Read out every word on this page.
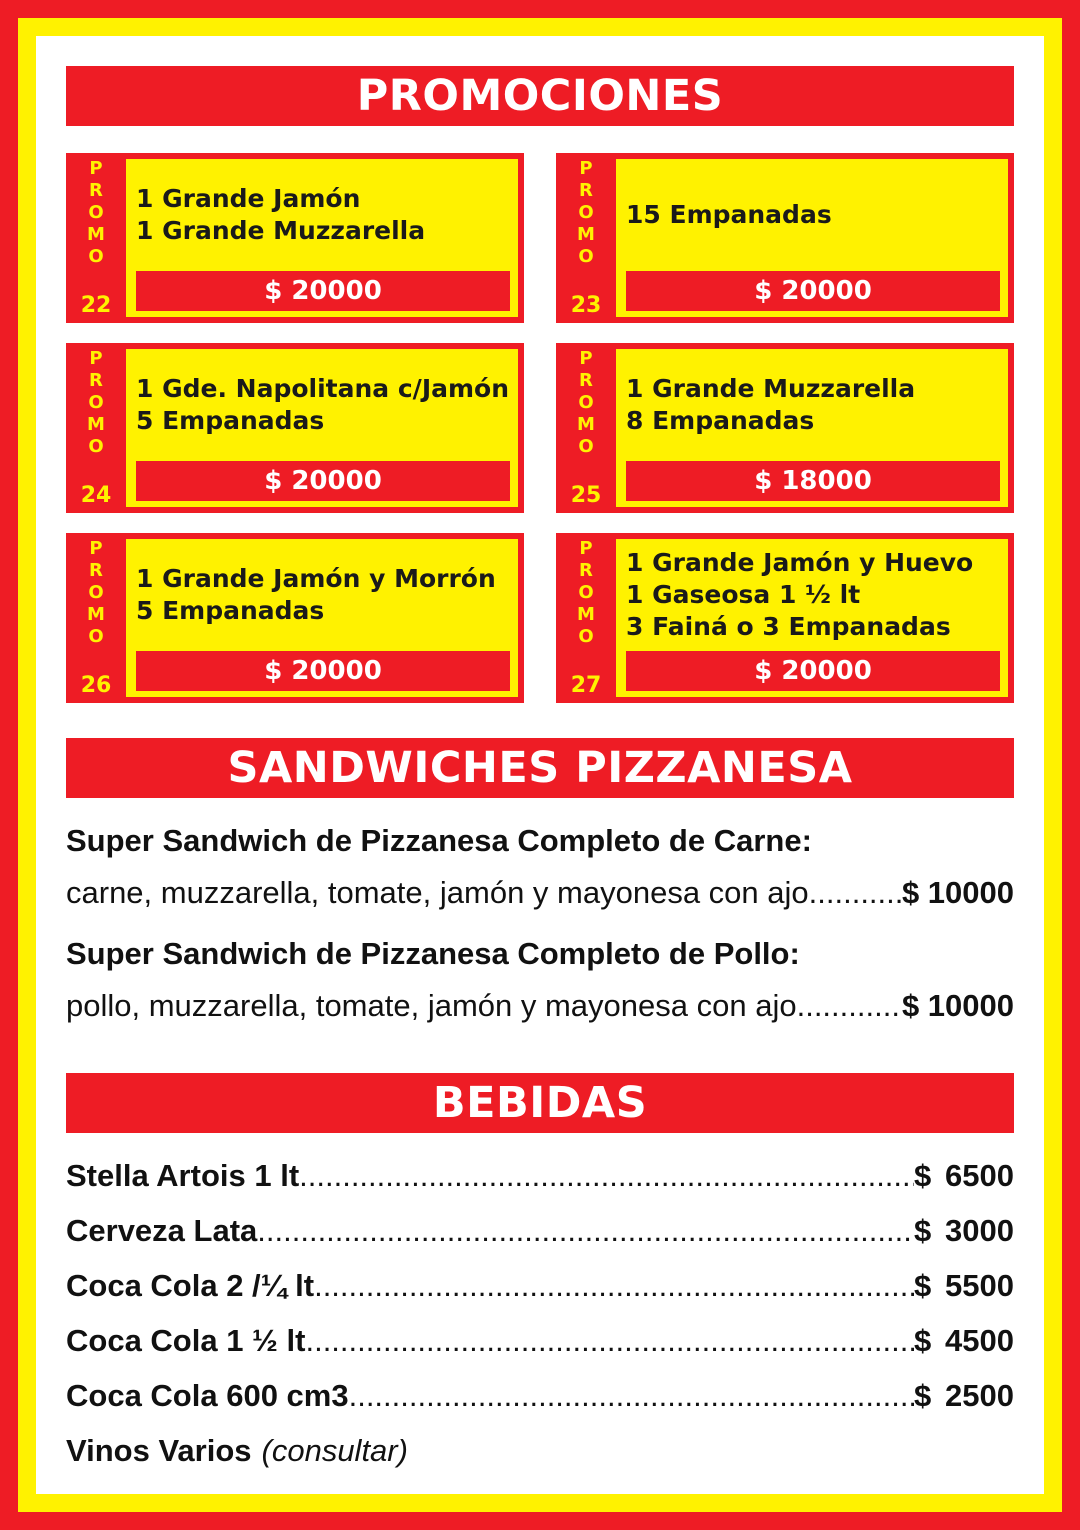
PROMOCIONES
P
R
O
M
O
22
1 Grande Jamón
1 Grande Muzzarella
$ 20000
P
R
O
M
O
23
15 Empanadas
$ 20000
P
R
O
M
O
24
1 Gde. Napolitana c/Jamón
5 Empanadas
$ 20000
P
R
O
M
O
25
1 Grande Muzzarella
8 Empanadas
$ 18000
P
R
O
M
O
26
1 Grande Jamón y Morrón
5 Empanadas
$ 20000
P
R
O
M
O
27
1 Grande Jamón y Huevo
1 Gaseosa 1 ½ lt
3 Fainá o 3 Empanadas
$ 20000
SANDWICHES PIZZANESA
Super Sandwich de Pizzanesa Completo de Carne:
carne, muzzarella, tomate, jamón y mayonesa con ajo .....	$ 10000
Super Sandwich de Pizzanesa Completo de Pollo:
pollo, muzzarella, tomate, jamón y mayonesa con ajo .....	$ 10000
BEBIDAS
Stella Artois 1 lt .....	$ 6500
Cerveza Lata .....	$ 3000
Coca Cola 2 /¼ lt .....	$ 5500
Coca Cola 1 ½ lt .....	$ 4500
Coca Cola 600 cm3 .....	$ 2500
Vinos Varios (consultar)
